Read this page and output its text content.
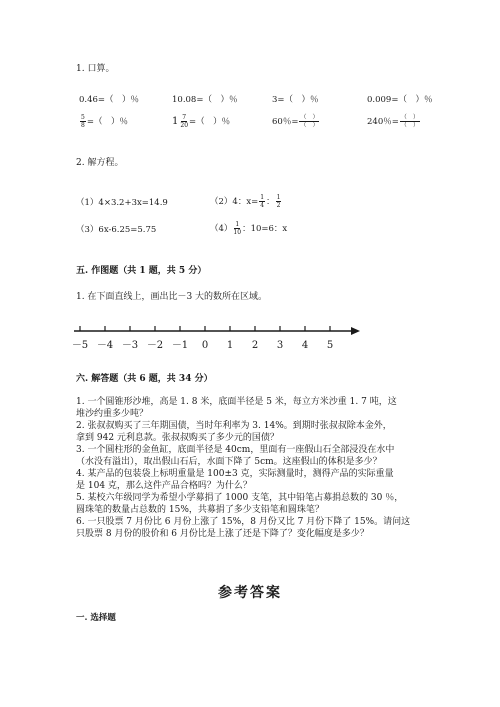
1. 口算。
0.46=（　）％	10.08=（　）％	3=（　）％	0.009=（　）％
$\frac{5}{8}$ =（　）％	$1 \frac{7}{20}$ =（　）％	60％= $\frac{( )}{( )}$	240％= $\frac{( )}{( )}$
2. 解方程。
（1）4×3.2+3x=14.9	（2）4：$x= \frac{1}{4}$ ： $\frac{1}{2}$
（3）6x-6.25=5.75	$(4) \frac{1}{10}$ ：10=6：x
五. 作图题（共 1 题，共 5 分）
1. 在下面直线上，画出比－3 大的数所在区域。
－5 －4 －3 －2 －1 0 1 2 3 4 5
六. 解答题（共 6 题，共 34 分）
1. 一个圆锥形沙堆，高是 1. 8 米，底面半径是 5 米，每立方米沙重 1. 7 吨，这
堆沙约重多少吨？
2. 张叔叔购买了三年期国债，当时年利率为 3. 14%。到期时张叔叔除本金外，
拿到 942 元利息款。张叔叔购买了多少元的国债？
3. 一个圆柱形的金鱼缸，底面半径是 40cm，里面有一座假山石全部浸没在水中
（水没有溢出），取出假山石后，水面下降了 5cm。这座假山的体积是多少？
4. 某产品的包装袋上标明重量是 100±3 克，实际测量时，测得产品的实际重量
是 104 克，那么这件产品合格吗？为什么？
5. 某校六年级同学为希望小学募捐了 1000 支笔，其中铅笔占募捐总数的 30 ％，
圆珠笔的数量占总数的 15%，共募捐了多少支铅笔和圆珠笔？
6. 一只股票 7 月份比 6 月份上涨了 15%，8 月份又比 7 月份下降了 15%。请问这
只股票 8 月份的股价和 6 月份比是上涨了还是下降了？变化幅度是多少？
参考答案
一. 选择题
